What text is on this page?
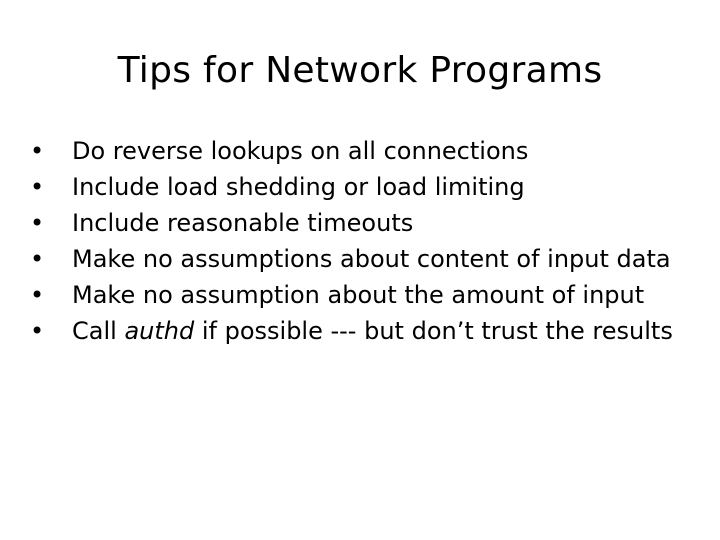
Tips for Network Programs
•	Do reverse lookups on all connections
•	Include load shedding or load limiting
•	Include reasonable timeouts
•	Make no assumptions about content of input data
•	Make no assumption about the amount of input
•	Call authd if possible --- but don’t trust the results
